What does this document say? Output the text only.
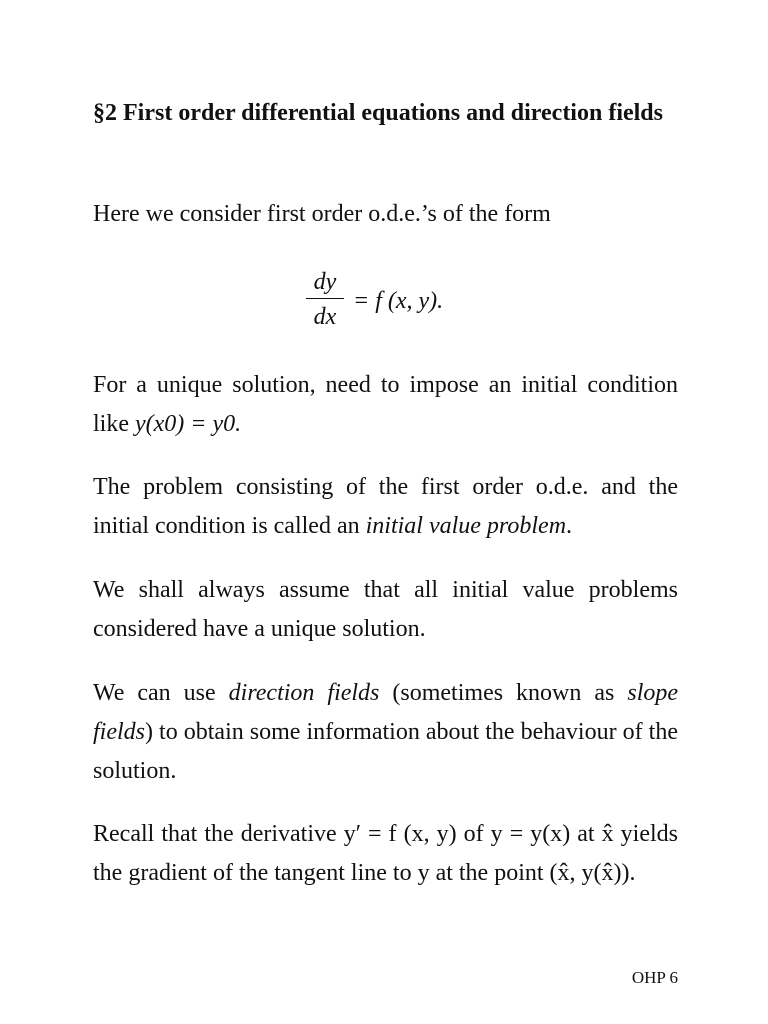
§2 First order differential equations and direction fields
Here we consider first order o.d.e.’s of the form
dy
dx
= f (x, y).
For a unique solution, need to impose an initial condition like y(x0) = y0.
The problem consisting of the first order o.d.e. and the initial condition is called an initial value problem.
We shall always assume that all initial value problems considered have a unique solution.
We can use direction fields (sometimes known as slope fields) to obtain some information about the behaviour of the solution.
Recall that the derivative y′ = f (x, y) of y = y(x) at x̂ yields the gradient of the tangent line to y at the point (x̂, y(x̂)).
OHP 6
